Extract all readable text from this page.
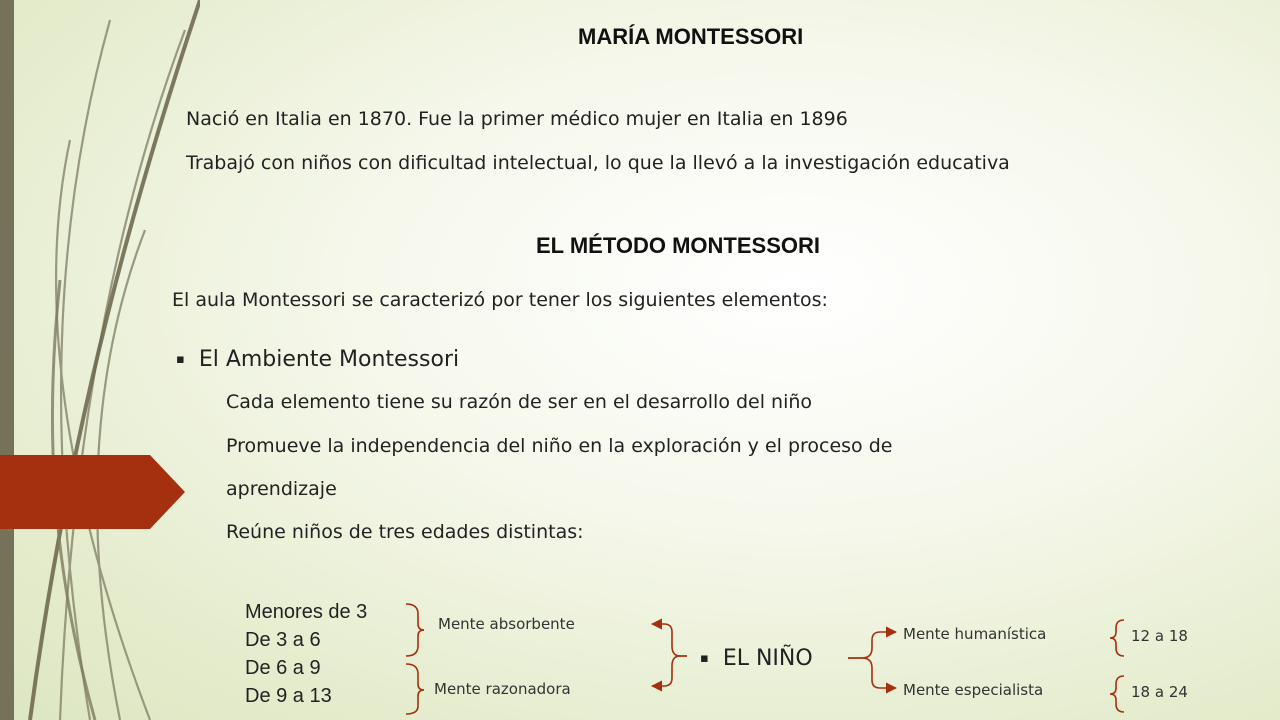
MARÍA MONTESSORI
Nació en Italia en 1870. Fue la primer médico mujer en Italia en 1896
Trabajó con niños con dificultad intelectual, lo que la llevó a la investigación educativa
EL MÉTODO MONTESSORI
El aula Montessori se caracterizó por tener los siguientes elementos:
▪ El Ambiente Montessori
Cada elemento tiene su razón de ser en el desarrollo del niño
Promueve la independencia del niño en la exploración y el proceso de
aprendizaje
Reúne niños de tres edades distintas:
Menores de 3
De 3 a 6
De 6 a 9
De 9 a 13
Mente absorbente
Mente razonadora
▪ EL NIÑO
Mente humanística
Mente especialista
12 a 18
18 a 24
